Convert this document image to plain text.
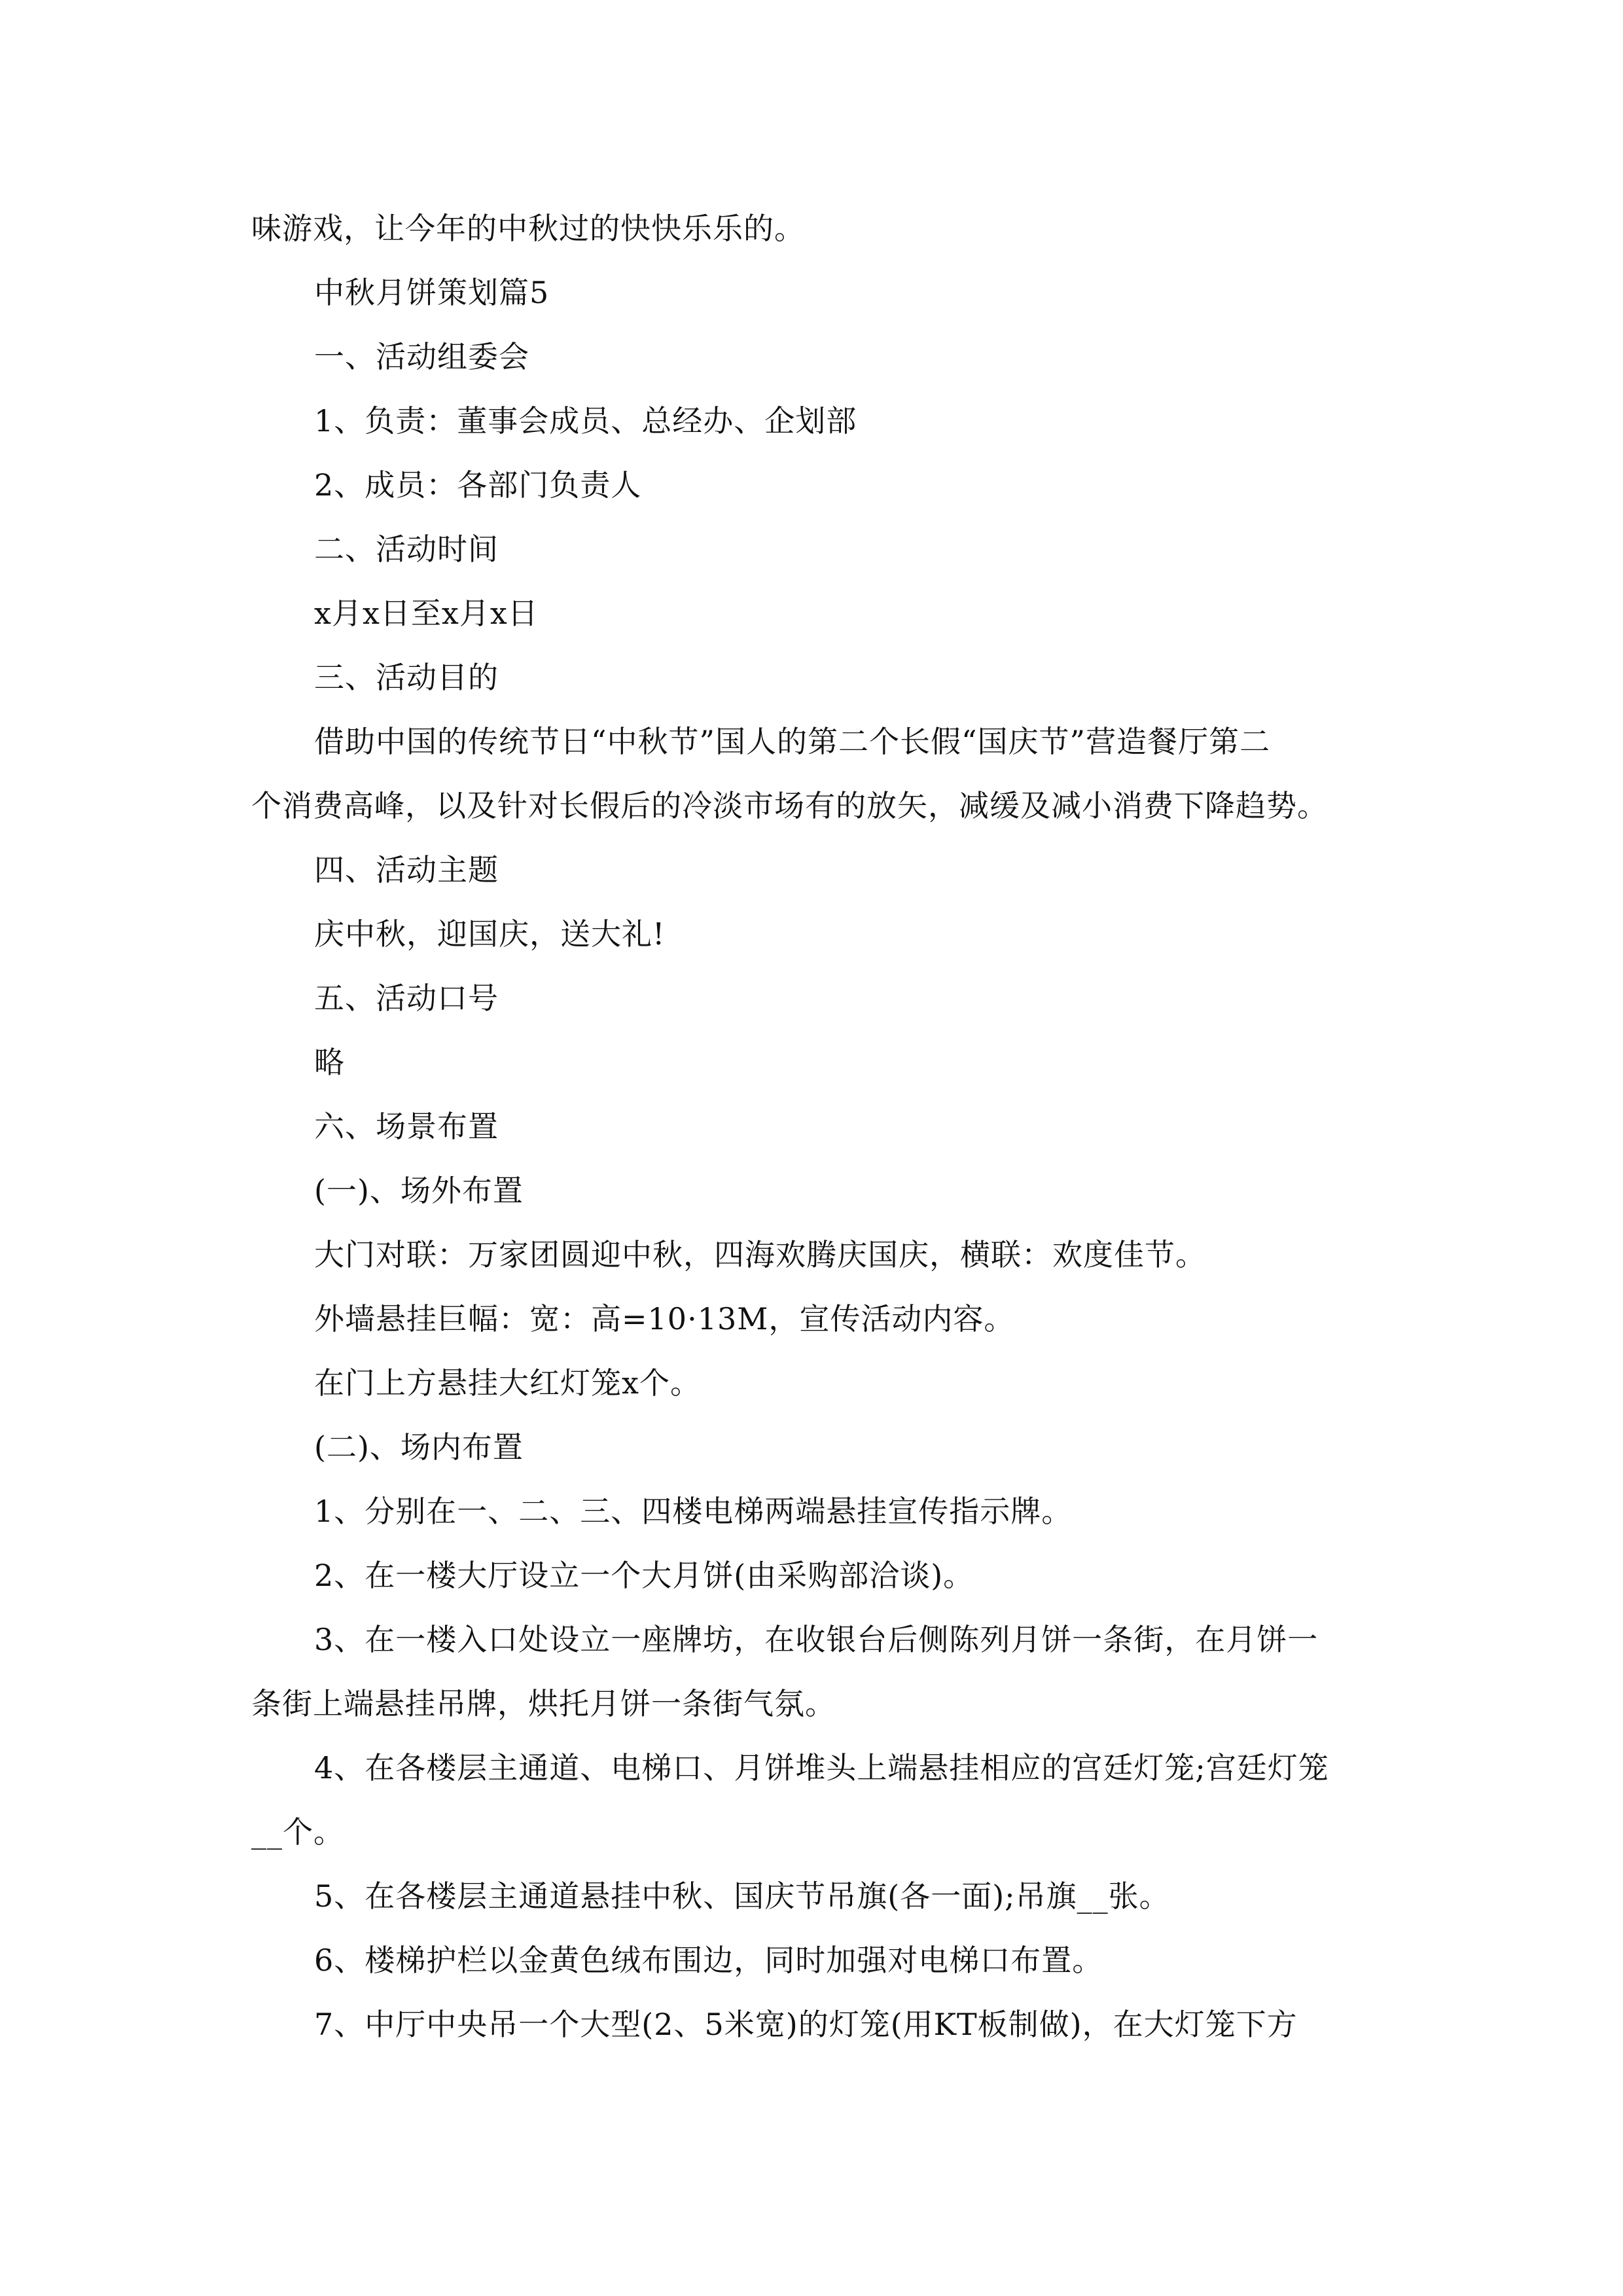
味游戏，让今年的中秋过的快快乐乐的。
中秋月饼策划篇5
一、活动组委会
1、负责：董事会成员、总经办、企划部
2、成员：各部门负责人
二、活动时间
x月x日至x月x日
三、活动目的
借助中国的传统节日“中秋节”国人的第二个长假“国庆节”营造餐厅第二
个消费高峰，以及针对长假后的冷淡市场有的放矢，减缓及减小消费下降趋势。
四、活动主题
庆中秋，迎国庆，送大礼!
五、活动口号
略
六、场景布置
(一)、场外布置
大门对联：万家团圆迎中秋，四海欢腾庆国庆，横联：欢度佳节。
外墙悬挂巨幅：宽：高=10·13M，宣传活动内容。
在门上方悬挂大红灯笼x个。
(二)、场内布置
1、分别在一、二、三、四楼电梯两端悬挂宣传指示牌。
2、在一楼大厅设立一个大月饼(由采购部洽谈)。
3、在一楼入口处设立一座牌坊，在收银台后侧陈列月饼一条街，在月饼一
条街上端悬挂吊牌，烘托月饼一条街气氛。
4、在各楼层主通道、电梯口、月饼堆头上端悬挂相应的宫廷灯笼;宫廷灯笼
__个。
5、在各楼层主通道悬挂中秋、国庆节吊旗(各一面);吊旗__张。
6、楼梯护栏以金黄色绒布围边，同时加强对电梯口布置。
7、中厅中央吊一个大型(2、5米宽)的灯笼(用KT板制做)，在大灯笼下方
